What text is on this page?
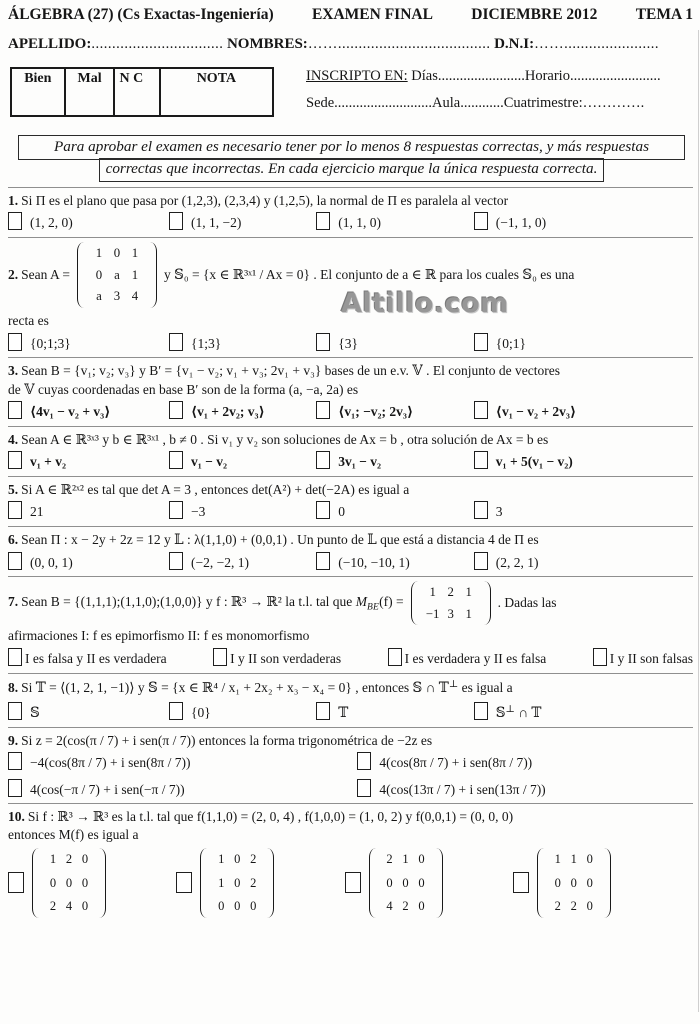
ÁLGEBRA (27) (Cs Exactas-Ingeniería) EXAMEN FINAL DICIEMBRE 2012 TEMA 1
APELLIDO:................................ NOMBRES:……..................................... D.N.I:…….......................
Bien	Mal	N C	NOTA	INSCRIPTO EN: Días........................Horario.........................
Sede...........................Aula............Cuatrimestre:………….
Para aprobar el examen es necesario tener por lo menos 8 respuestas correctas, y más respuestas
correctas que incorrectas. En cada ejercicio marque la única respuesta correcta.
1. Si Π es el plano que pasa por (1,2,3), (2,3,4) y (1,2,5), la normal de Π es paralela al vector
(1, 2, 0)	(1, 1, −2)	(1, 1, 0)	(−1, 1, 0)
2. Sean A =
1 0 1
0 a 1
a 3 4
y 𝕊₀ = {x ∈ ℝ³ˣ¹ / Ax = 0} . El conjunto de a ∈ ℝ para los cuales 𝕊₀ es una
recta es
{0;1;3}	{1;3}	{3}	{0;1}
3. Sean B = {v₁; v₂; v₃} y B′ = {v₁ − v₂; v₁ + v₃; 2v₁ + v₃} bases de un e.v. 𝕍 . El conjunto de vectores
de 𝕍 cuyas coordenadas en base B′ son de la forma (a, −a, 2a) es
⟨4v₁ − v₂ + v₃⟩	⟨v₁ + 2v₂; v₃⟩	⟨v₁; −v₂; 2v₃⟩	⟨v₁ − v₂ + 2v₃⟩
4. Sean A ∈ ℝ³ˣ³ y b ∈ ℝ³ˣ¹ , b ≠ 0 . Si v₁ y v₂ son soluciones de Ax = b , otra solución de Ax = b es
v₁ + v₂	v₁ − v₂	3v₁ − v₂	v₁ + 5(v₁ − v₂)
5. Si A ∈ ℝ²ˣ² es tal que det A = 3 , entonces det(A²) + det(−2A) es igual a
21	−3	0	3
6. Sean Π : x − 2y + 2z = 12 y 𝕃 : λ(1,1,0) + (0,0,1) . Un punto de 𝕃 que está a distancia 4 de Π es
(0, 0, 1)	(−2, −2, 1)	(−10, −10, 1)	(2, 2, 1)
7. Sean B = {(1,1,1);(1,1,0);(1,0,0)} y f : ℝ³ → ℝ² la t.l. tal que $M_{BE}(f)$ =
1 2 1
−1 3 1
. Dadas las
afirmaciones I: f es epimorfismo II: f es monomorfismo
I es falsa y II es verdadera	I y II son verdaderas	I es verdadera y II es falsa	I y II son falsas
8. Si 𝕋 = ⟨(1, 2, 1, −1)⟩ y 𝕊 = {x ∈ ℝ⁴ / x₁ + 2x₂ + x₃ − x₄ = 0} , entonces 𝕊 ∩ 𝕋⊥ es igual a
𝕊	{0}	𝕋	𝕊⊥ ∩ 𝕋
9. Si z = 2(cos(π / 7) + i sen(π / 7)) entonces la forma trigonométrica de −2z es
−4(cos(8π / 7) + i sen(8π / 7))	4(cos(8π / 7) + i sen(8π / 7))
4(cos(−π / 7) + i sen(−π / 7))	4(cos(13π / 7) + i sen(13π / 7))
10. Si f : ℝ³ → ℝ³ es la t.l. tal que f(1,1,0) = (2, 0, 4) , f(1,0,0) = (1, 0, 2) y f(0,0,1) = (0, 0, 0)
entonces M(f) es igual a
1 2 0
0 0 0
2 4 0
1 0 2
1 0 2
0 0 0
2 1 0
0 0 0
4 2 0
1 1 0
0 0 0
2 2 0
Altillo.com
